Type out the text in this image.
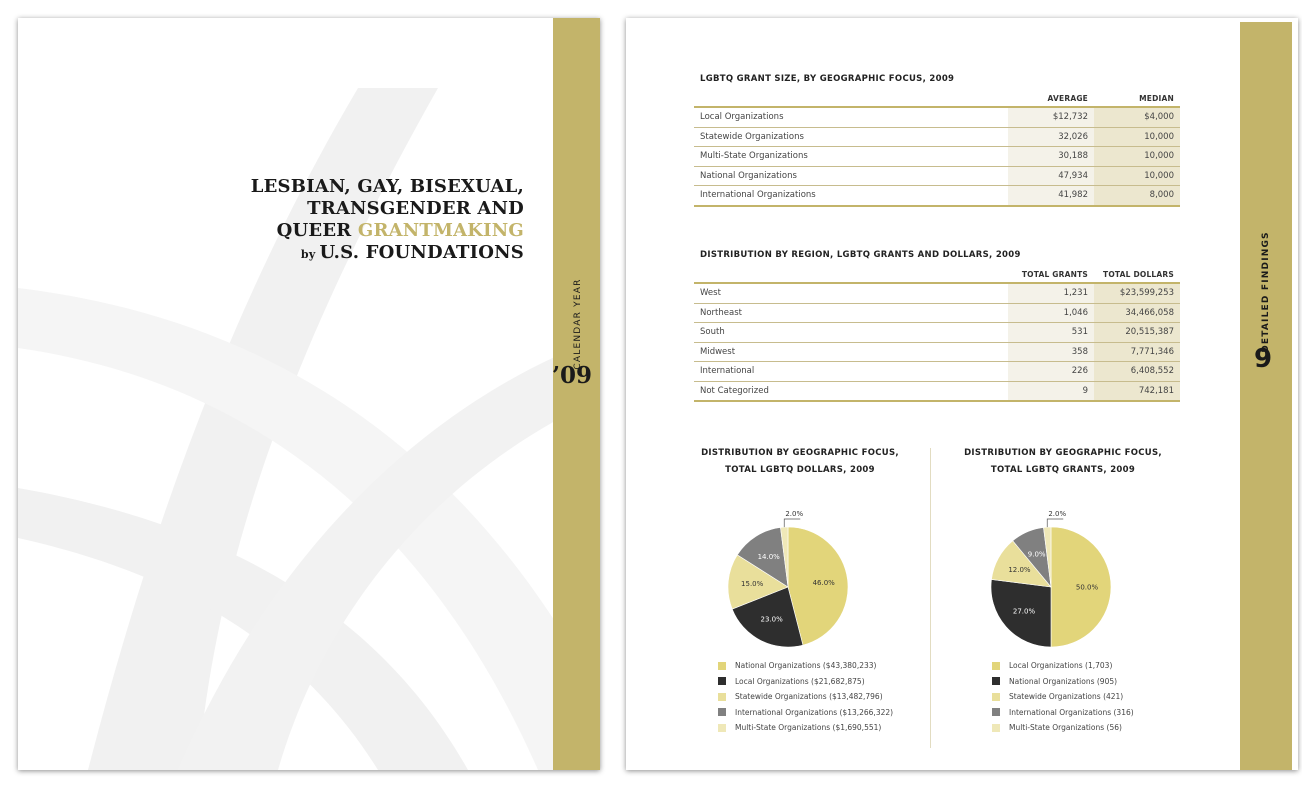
LESBIAN, GAY, BISEXUAL,
TRANSGENDER AND
QUEER GRANTMAKING
by U.S. FOUNDATIONS
CALENDAR YEAR
’09
DETAILED FINDINGS
9
LGBTQ GRANT SIZE, BY GEOGRAPHIC FOCUS, 2009
	AVERAGE	MEDIAN
Local Organizations	$12,732	$4,000
Statewide Organizations	32,026	10,000
Multi-State Organizations	30,188	10,000
National Organizations	47,934	10,000
International Organizations	41,982	8,000
DISTRIBUTION BY REGION, LGBTQ GRANTS AND DOLLARS, 2009
	TOTAL GRANTS	TOTAL DOLLARS
West	1,231	$23,599,253
Northeast	1,046	34,466,058
South	531	20,515,387
Midwest	358	7,771,346
International	226	6,408,552
Not Categorized	9	742,181
DISTRIBUTION BY GEOGRAPHIC FOCUS,
TOTAL LGBTQ DOLLARS, 2009
DISTRIBUTION BY GEOGRAPHIC FOCUS,
TOTAL LGBTQ GRANTS, 2009
46.0%
23.0%
15.0%
14.0%
2.0%
50.0%
27.0%
12.0%
9.0%
2.0%
National Organizations ($43,380,233)
Local Organizations ($21,682,875)
Statewide Organizations ($13,482,796)
International Organizations ($13,266,322)
Multi-State Organizations ($1,690,551)
Local Organizations (1,703)
National Organizations (905)
Statewide Organizations (421)
International Organizations (316)
Multi-State Organizations (56)
